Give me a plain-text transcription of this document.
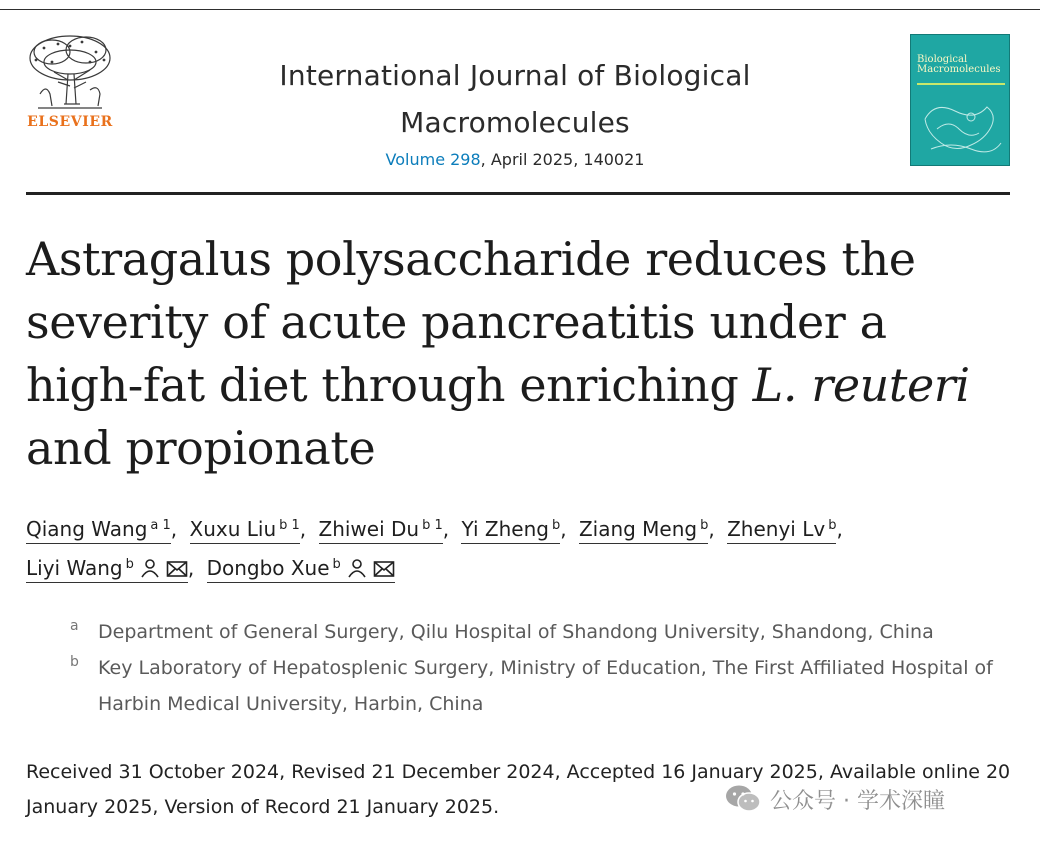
ELSEVIER
International Journal of Biological Macromolecules
Volume 298, April 2025, 140021
Biological Macromolecules
Astragalus polysaccharide reduces the severity of acute pancreatitis under a high-fat diet through enriching L. reuteri and propionate
Qiang Wang $^{a 1}$, Xuxu Liu $^{b 1}$, Zhiwei Du $^{b 1}$, Yi Zheng $^b$, Ziang Meng $^b$, Zhenyi Lv $^b$,
Liyi Wang $^b$	, Dongbo Xue $^b$
a Department of General Surgery, Qilu Hospital of Shandong University, Shandong, China
b Key Laboratory of Hepatosplenic Surgery, Ministry of Education, The First Affiliated Hospital of Harbin Medical University, Harbin, China
Received 31 October 2024, Revised 21 December 2024, Accepted 16 January 2025, Available online 20 January 2025, Version of Record 21 January 2025.	公众号 · 学术深瞳
